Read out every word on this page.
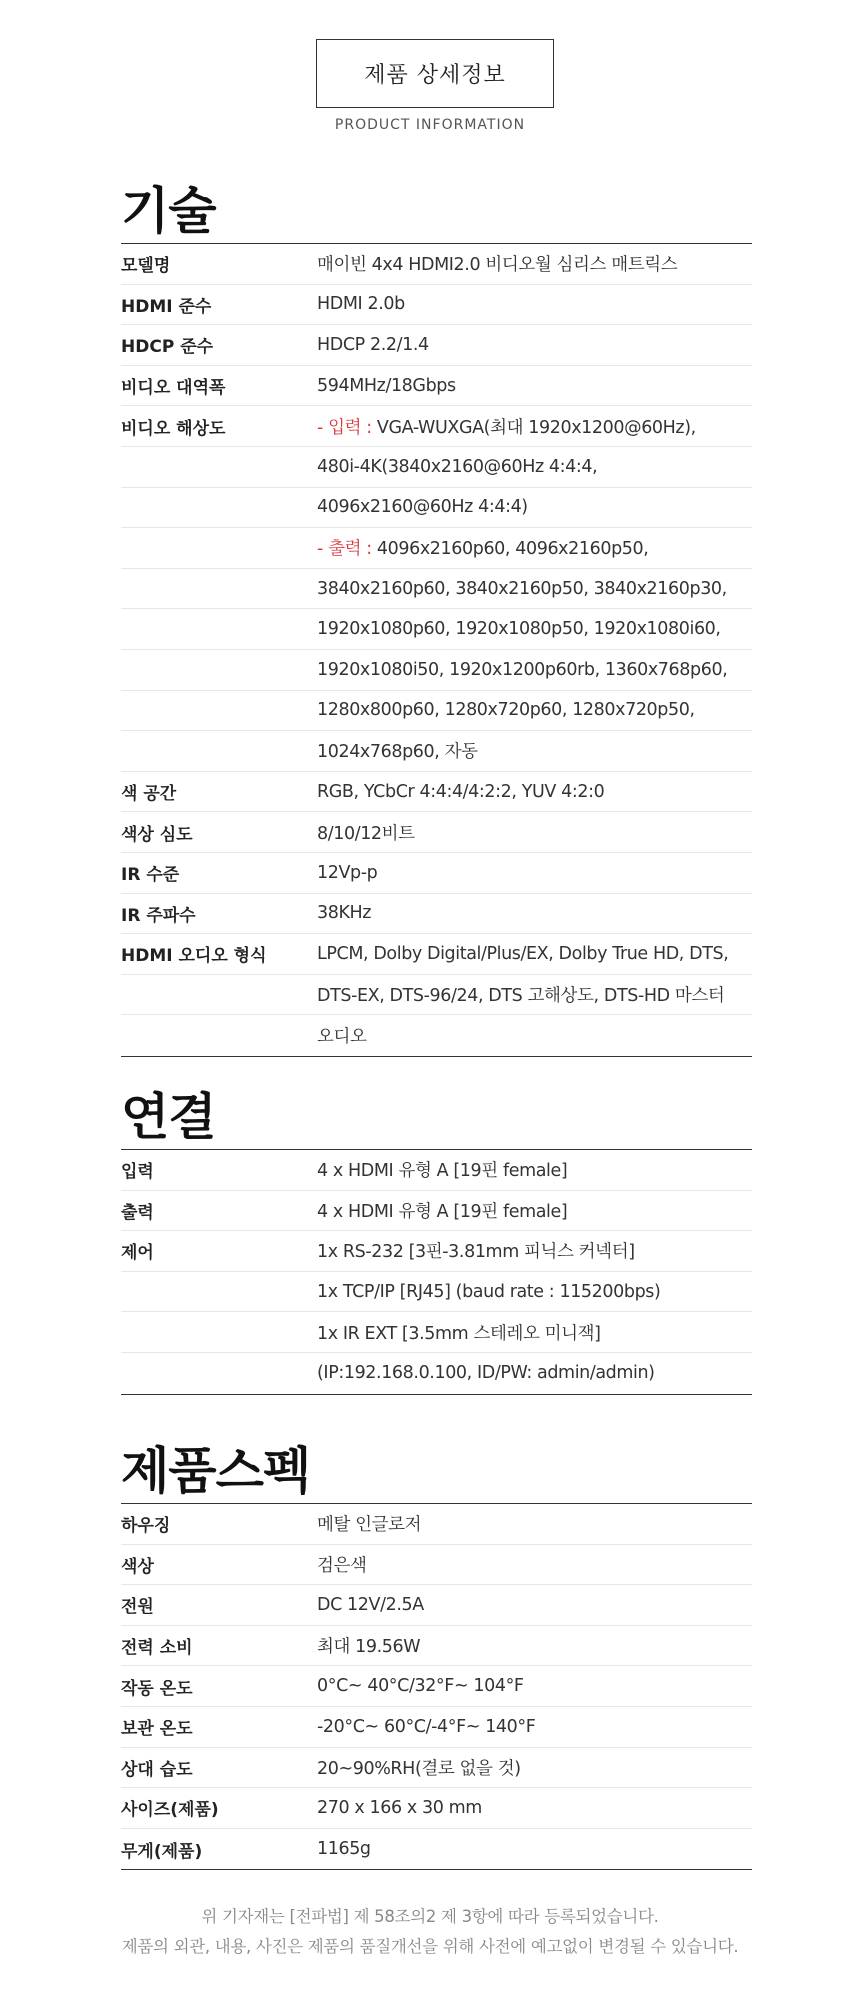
제품 상세정보
PRODUCT INFORMATION
기술
모델명	매이빈 4x4 HDMI2.0 비디오월 심리스 매트릭스
HDMI 준수	HDMI 2.0b
HDCP 준수	HDCP 2.2/1.4
비디오 대역폭	594MHz/18Gbps
비디오 해상도	- 입력 : VGA-WUXGA(최대 1920x1200@60Hz),
480i-4K(3840x2160@60Hz 4:4:4,
4096x2160@60Hz 4:4:4)
- 출력 : 4096x2160p60, 4096x2160p50,
3840x2160p60, 3840x2160p50, 3840x2160p30,
1920x1080p60, 1920x1080p50, 1920x1080i60,
1920x1080i50, 1920x1200p60rb, 1360x768p60,
1280x800p60, 1280x720p60, 1280x720p50,
1024x768p60, 자동
색 공간	RGB, YCbCr 4:4:4/4:2:2, YUV 4:2:0
색상 심도	8/10/12비트
IR 수준	12Vp-p
IR 주파수	38KHz
HDMI 오디오 형식	LPCM, Dolby Digital/Plus/EX, Dolby True HD, DTS,
DTS-EX, DTS-96/24, DTS 고해상도, DTS-HD 마스터
오디오
연결
입력	4 x HDMI 유형 A [19핀 female]
출력	4 x HDMI 유형 A [19핀 female]
제어	1x RS-232 [3핀-3.81mm 피닉스 커넥터]
1x TCP/IP [RJ45] (baud rate : 115200bps)
1x IR EXT [3.5mm 스테레오 미니잭]
(IP:192.168.0.100, ID/PW: admin/admin)
제품스펙
하우징	메탈 인글로저
색상	검은색
전원	DC 12V/2.5A
전력 소비	최대 19.56W
작동 온도	0°C~ 40°C/32°F~ 104°F
보관 온도	-20°C~ 60°C/-4°F~ 140°F
상대 습도	20~90%RH(결로 없을 것)
사이즈(제품)	270 x 166 x 30 mm
무게(제품)	1165g
위 기자재는 [전파법] 제 58조의2 제 3항에 따라 등록되었습니다.
제품의 외관, 내용, 사진은 제품의 품질개선을 위해 사전에 예고없이 변경될 수 있습니다.
